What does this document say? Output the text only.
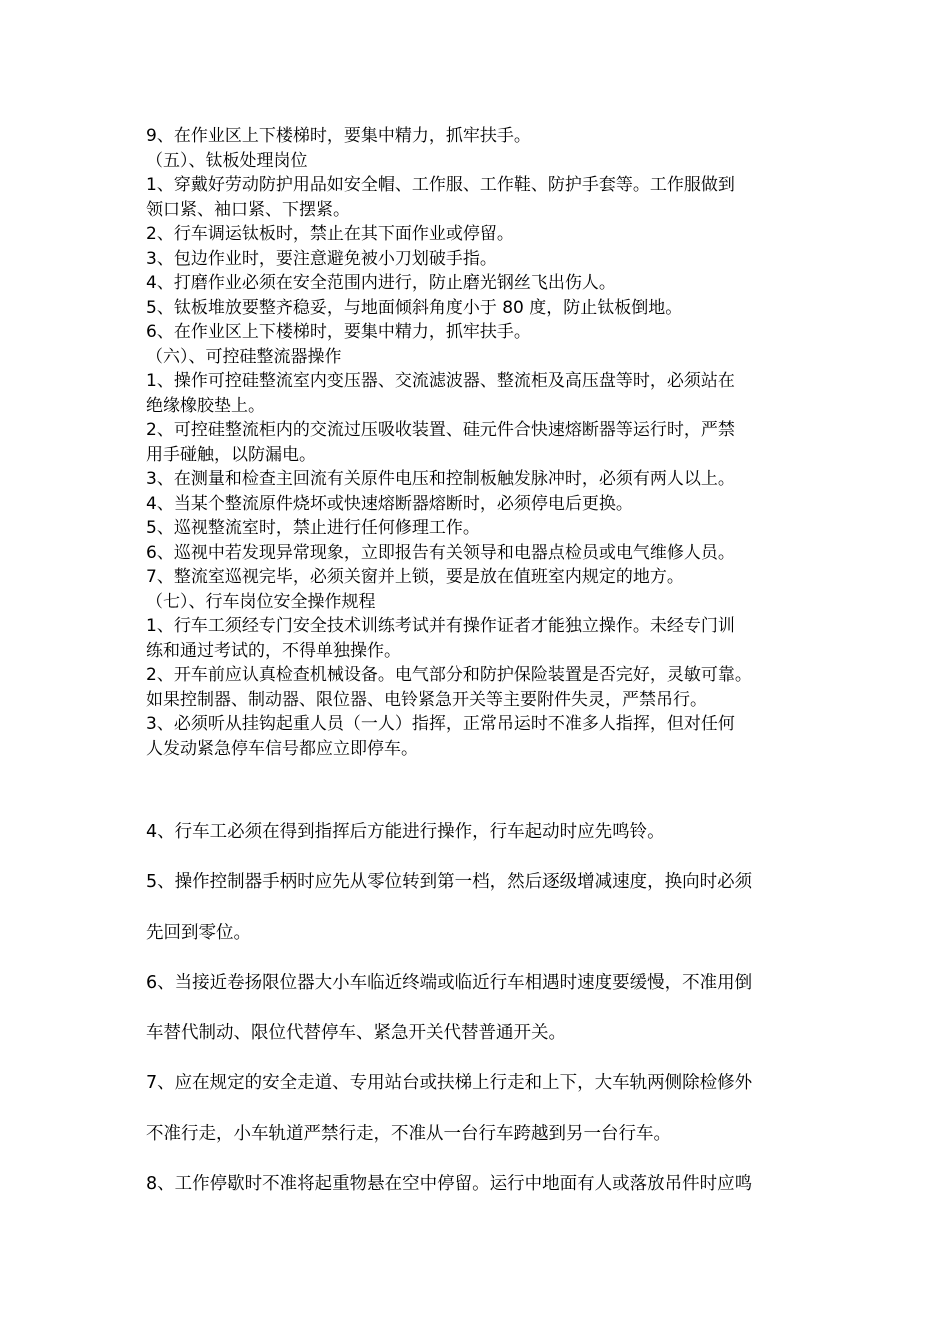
9、在作业区上下楼梯时，要集中精力，抓牢扶手。

（五）、钛板处理岗位

1、穿戴好劳动防护用品如安全帽、工作服、工作鞋、防护手套等。工作服做到

领口紧、袖口紧、下摆紧。

2、行车调运钛板时，禁止在其下面作业或停留。

3、包边作业时，要注意避免被小刀划破手指。

4、打磨作业必须在安全范围内进行，防止磨光钢丝飞出伤人。

5、钛板堆放要整齐稳妥，与地面倾斜角度小于 80 度，防止钛板倒地。

6、在作业区上下楼梯时，要集中精力，抓牢扶手。

（六）、可控硅整流器操作

1、操作可控硅整流室内变压器、交流滤波器、整流柜及高压盘等时，必须站在

绝缘橡胶垫上。

2、可控硅整流柜内的交流过压吸收装置、硅元件合快速熔断器等运行时，严禁

用手碰触，以防漏电。

3、在测量和检查主回流有关原件电压和控制板触发脉冲时，必须有两人以上。

4、当某个整流原件烧坏或快速熔断器熔断时，必须停电后更换。

5、巡视整流室时，禁止进行任何修理工作。

6、巡视中若发现异常现象，立即报告有关领导和电器点检员或电气维修人员。

7、整流室巡视完毕，必须关窗并上锁，要是放在值班室内规定的地方。

（七）、行车岗位安全操作规程

1、行车工须经专门安全技术训练考试并有操作证者才能独立操作。未经专门训

练和通过考试的，不得单独操作。

2、开车前应认真检查机械设备。电气部分和防护保险装置是否完好，灵敏可靠。

如果控制器、制动器、限位器、电铃紧急开关等主要附件失灵，严禁吊行。

3、必须听从挂钩起重人员（一人）指挥，正常吊运时不准多人指挥，但对任何

人发动紧急停车信号都应立即停车。

4、行车工必须在得到指挥后方能进行操作，行车起动时应先鸣铃。

5、操作控制器手柄时应先从零位转到第一档，然后逐级增减速度，换向时必须

先回到零位。

6、当接近卷扬限位器大小车临近终端或临近行车相遇时速度要缓慢，不准用倒

车替代制动、限位代替停车、紧急开关代替普通开关。

7、应在规定的安全走道、专用站台或扶梯上行走和上下，大车轨两侧除检修外

不准行走，小车轨道严禁行走，不准从一台行车跨越到另一台行车。

8、工作停歇时不准将起重物悬在空中停留。运行中地面有人或落放吊件时应鸣
